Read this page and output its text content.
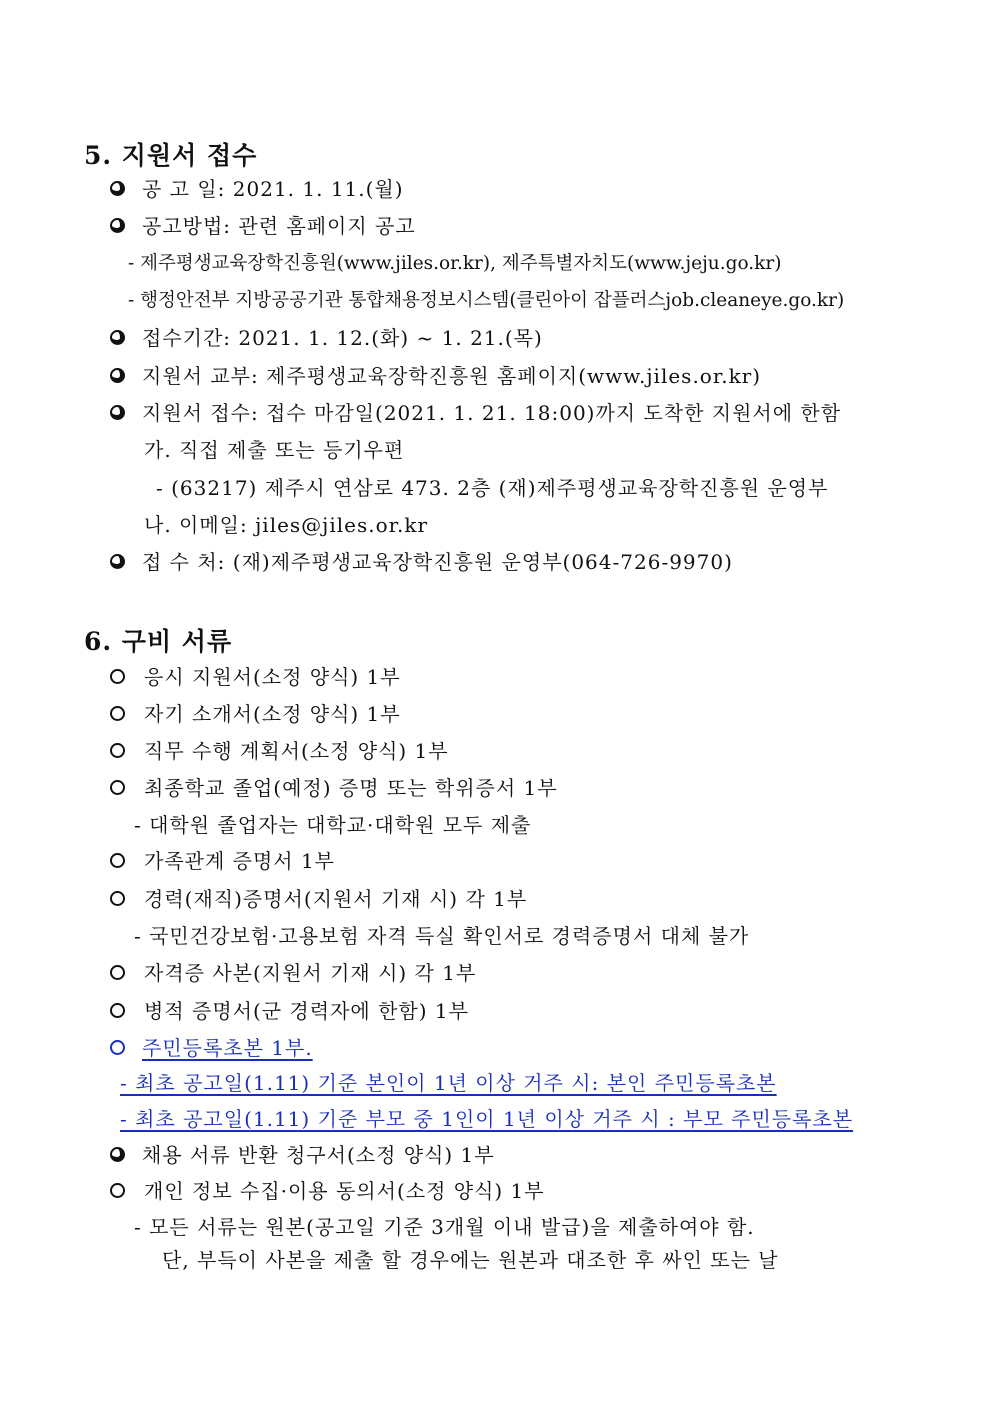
5. 지원서 접수
공 고 일: 2021. 1. 11.(월)
공고방법: 관련 홈페이지 공고
- 제주평생교육장학진흥원(www.jiles.or.kr), 제주특별자치도(www.jeju.go.kr)
- 행정안전부 지방공공기관 통합채용정보시스템(클린아이 잡플러스job.cleaneye.go.kr)
접수기간: 2021. 1. 12.(화) ~ 1. 21.(목)
지원서 교부: 제주평생교육장학진흥원 홈페이지(www.jiles.or.kr)
지원서 접수: 접수 마감일(2021. 1. 21. 18:00)까지 도착한 지원서에 한함
가. 직접 제출 또는 등기우편
- (63217) 제주시 연삼로 473. 2층 (재)제주평생교육장학진흥원 운영부
나. 이메일: jiles@jiles.or.kr
접 수 처: (재)제주평생교육장학진흥원 운영부(064-726-9970)
6. 구비 서류
응시 지원서(소정 양식) 1부
자기 소개서(소정 양식) 1부
직무 수행 계획서(소정 양식) 1부
최종학교 졸업(예정) 증명 또는 학위증서 1부
- 대학원 졸업자는 대학교·대학원 모두 제출
가족관계 증명서 1부
경력(재직)증명서(지원서 기재 시) 각 1부
- 국민건강보험·고용보험 자격 득실 확인서로 경력증명서 대체 불가
자격증 사본(지원서 기재 시) 각 1부
병적 증명서(군 경력자에 한함) 1부
주민등록초본 1부.
- 최초 공고일(1.11) 기준 본인이 1년 이상 거주 시: 본인 주민등록초본
- 최초 공고일(1.11) 기준 부모 중 1인이 1년 이상 거주 시 : 부모 주민등록초본
채용 서류 반환 청구서(소정 양식) 1부
개인 정보 수집·이용 동의서(소정 양식) 1부
- 모든 서류는 원본(공고일 기준 3개월 이내 발급)을 제출하여야 함.
단, 부득이 사본을 제출 할 경우에는 원본과 대조한 후 싸인 또는 날
